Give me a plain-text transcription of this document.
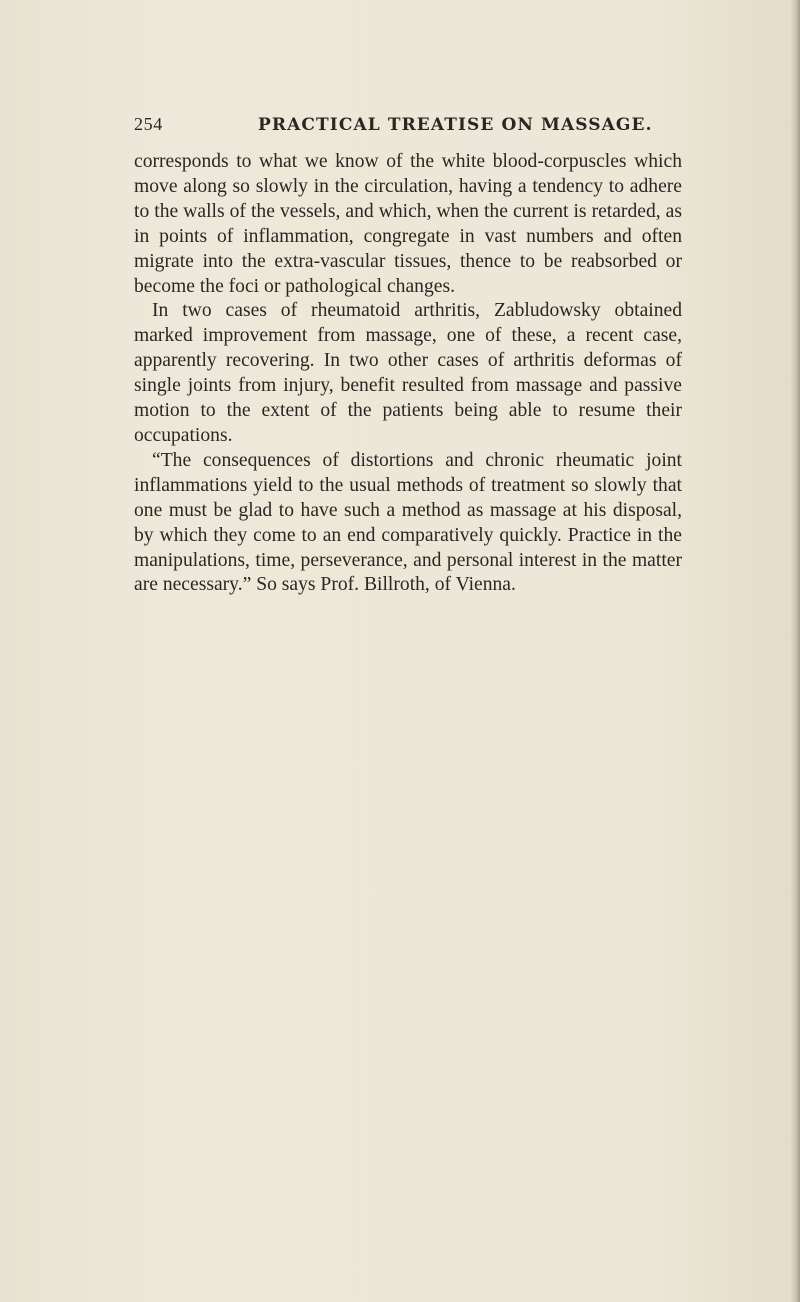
254	PRACTICAL TREATISE ON MASSAGE.

corresponds to what we know of the white blood-corpuscles which move along so slowly in the circulation, having a tendency to adhere to the walls of the vessels, and which, when the current is retarded, as in points of inflammation, congregate in vast numbers and often migrate into the extra-vascular tissues, thence to be reabsorbed or become the foci or pathological changes.

In two cases of rheumatoid arthritis, Zabludowsky obtained marked improvement from massage, one of these, a recent case, apparently recovering. In two other cases of arthritis deformas of single joints from injury, benefit resulted from massage and passive motion to the extent of the patients being able to resume their occupations.

“The consequences of distortions and chronic rheumatic joint inflammations yield to the usual methods of treatment so slowly that one must be glad to have such a method as massage at his disposal, by which they come to an end comparatively quickly. Practice in the manipulations, time, perseverance, and personal interest in the matter are necessary.” So says Prof. Billroth, of Vienna.
